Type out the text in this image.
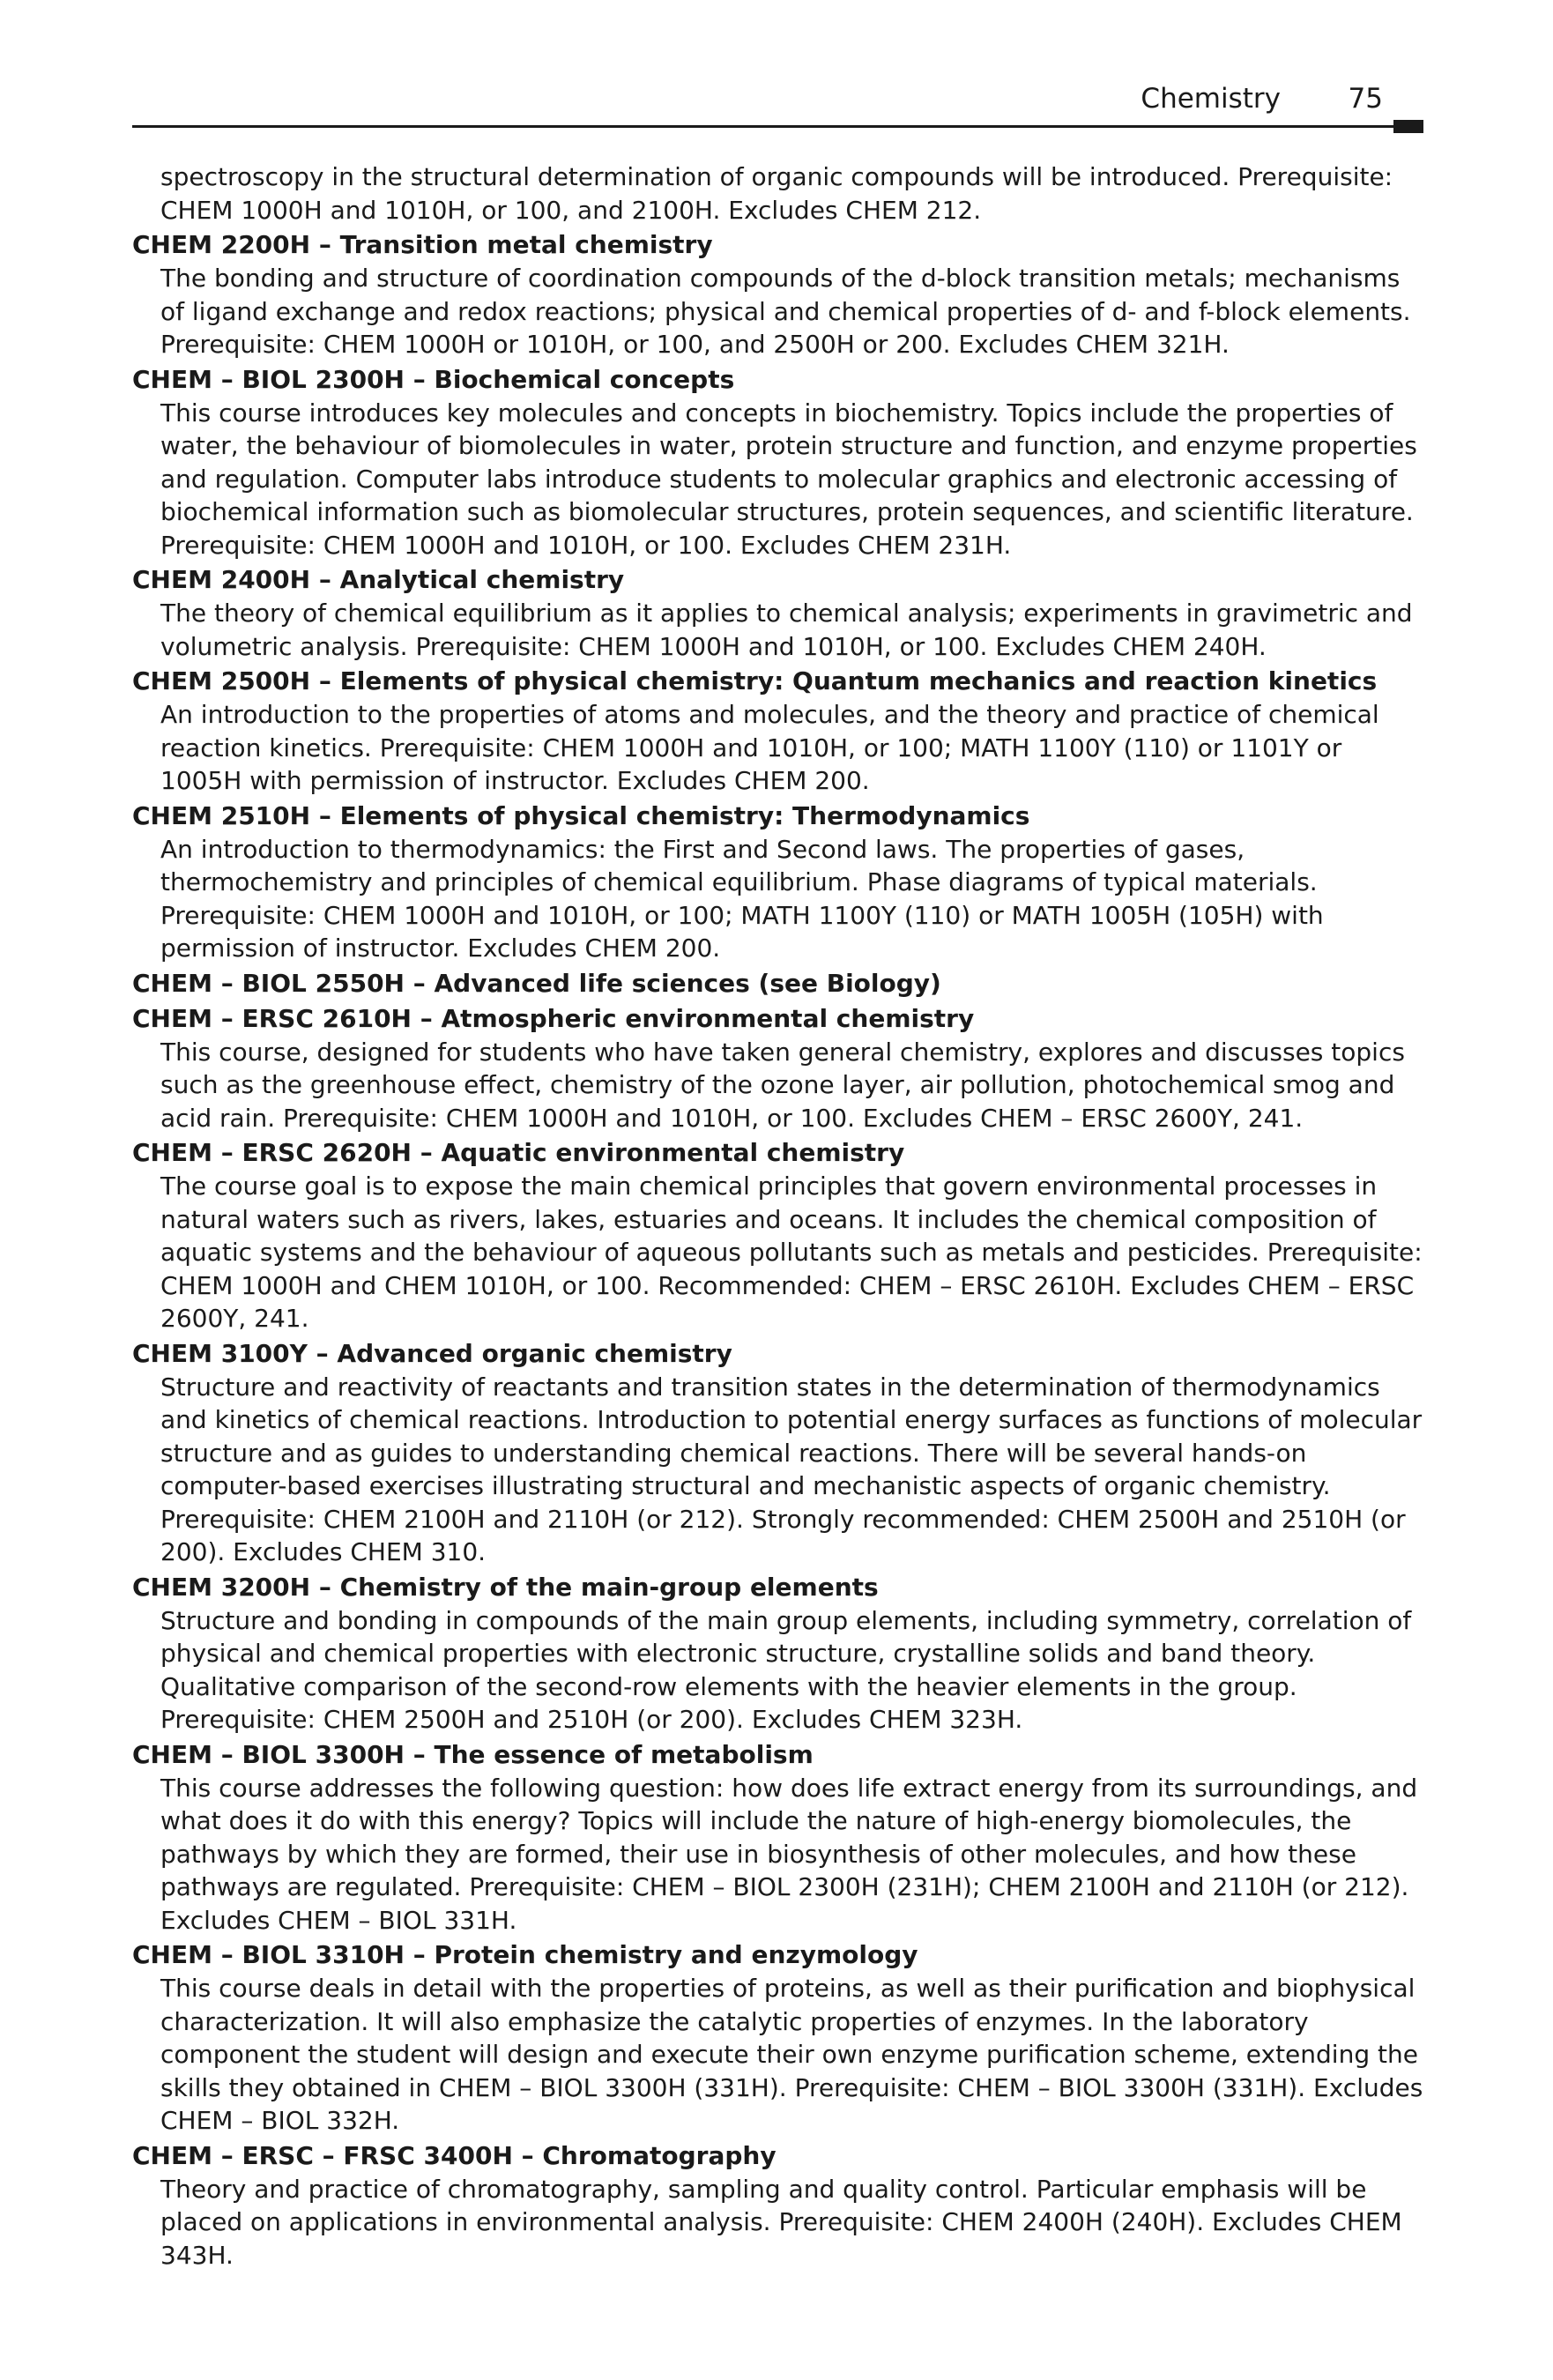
Chemistry 75

spectroscopy in the structural determination of organic compounds will be introduced. Prerequisite: CHEM 1000H and 1010H, or 100, and 2100H. Excludes CHEM 212.

CHEM 2200H – Transition metal chemistry

The bonding and structure of coordination compounds of the d-block transition metals; mechanisms of ligand exchange and redox reactions; physical and chemical properties of d- and f-block elements. Prerequisite: CHEM 1000H or 1010H, or 100, and 2500H or 200. Excludes CHEM 321H.

CHEM – BIOL 2300H – Biochemical concepts

This course introduces key molecules and concepts in biochemistry. Topics include the properties of water, the behaviour of biomolecules in water, protein structure and function, and enzyme properties and regulation. Computer labs introduce students to molecular graphics and electronic accessing of biochemical information such as biomolecular structures, protein sequences, and scientific literature. Prerequisite: CHEM 1000H and 1010H, or 100. Excludes CHEM 231H.

CHEM 2400H – Analytical chemistry

The theory of chemical equilibrium as it applies to chemical analysis; experiments in gravimetric and volumetric analysis. Prerequisite: CHEM 1000H and 1010H, or 100. Excludes CHEM 240H.

CHEM 2500H – Elements of physical chemistry: Quantum mechanics and reaction kinetics

An introduction to the properties of atoms and molecules, and the theory and practice of chemical reaction kinetics. Prerequisite: CHEM 1000H and 1010H, or 100; MATH 1100Y (110) or 1101Y or 1005H with permission of instructor. Excludes CHEM 200.

CHEM 2510H – Elements of physical chemistry: Thermodynamics

An introduction to thermodynamics: the First and Second laws. The properties of gases, thermochemistry and principles of chemical equilibrium. Phase diagrams of typical materials. Prerequisite: CHEM 1000H and 1010H, or 100; MATH 1100Y (110) or MATH 1005H (105H) with permission of instructor. Excludes CHEM 200.

CHEM – BIOL 2550H – Advanced life sciences (see Biology)

CHEM – ERSC 2610H – Atmospheric environmental chemistry

This course, designed for students who have taken general chemistry, explores and discusses topics such as the greenhouse effect, chemistry of the ozone layer, air pollution, photochemical smog and acid rain. Prerequisite: CHEM 1000H and 1010H, or 100. Excludes CHEM – ERSC 2600Y, 241.

CHEM – ERSC 2620H – Aquatic environmental chemistry

The course goal is to expose the main chemical principles that govern environmental processes in natural waters such as rivers, lakes, estuaries and oceans. It includes the chemical composition of aquatic systems and the behaviour of aqueous pollutants such as metals and pesticides. Prerequisite: CHEM 1000H and CHEM 1010H, or 100. Recommended: CHEM – ERSC 2610H. Excludes CHEM – ERSC 2600Y, 241.

CHEM 3100Y – Advanced organic chemistry

Structure and reactivity of reactants and transition states in the determination of thermodynamics and kinetics of chemical reactions. Introduction to potential energy surfaces as functions of molecular structure and as guides to understanding chemical reactions. There will be several hands-on computer-based exercises illustrating structural and mechanistic aspects of organic chemistry. Prerequisite: CHEM 2100H and 2110H (or 212). Strongly recommended: CHEM 2500H and 2510H (or 200). Excludes CHEM 310.

CHEM 3200H – Chemistry of the main-group elements

Structure and bonding in compounds of the main group elements, including symmetry, correlation of physical and chemical properties with electronic structure, crystalline solids and band theory. Qualitative comparison of the second-row elements with the heavier elements in the group. Prerequisite: CHEM 2500H and 2510H (or 200). Excludes CHEM 323H.

CHEM – BIOL 3300H – The essence of metabolism

This course addresses the following question: how does life extract energy from its surroundings, and what does it do with this energy? Topics will include the nature of high-energy biomolecules, the pathways by which they are formed, their use in biosynthesis of other molecules, and how these pathways are regulated. Prerequisite: CHEM – BIOL 2300H (231H); CHEM 2100H and 2110H (or 212). Excludes CHEM – BIOL 331H.

CHEM – BIOL 3310H – Protein chemistry and enzymology

This course deals in detail with the properties of proteins, as well as their purification and biophysical characterization. It will also emphasize the catalytic properties of enzymes. In the laboratory component the student will design and execute their own enzyme purification scheme, extending the skills they obtained in CHEM – BIOL 3300H (331H). Prerequisite: CHEM – BIOL 3300H (331H). Excludes CHEM – BIOL 332H.

CHEM – ERSC – FRSC 3400H – Chromatography

Theory and practice of chromatography, sampling and quality control. Particular emphasis will be placed on applications in environmental analysis. Prerequisite: CHEM 2400H (240H). Excludes CHEM 343H.
